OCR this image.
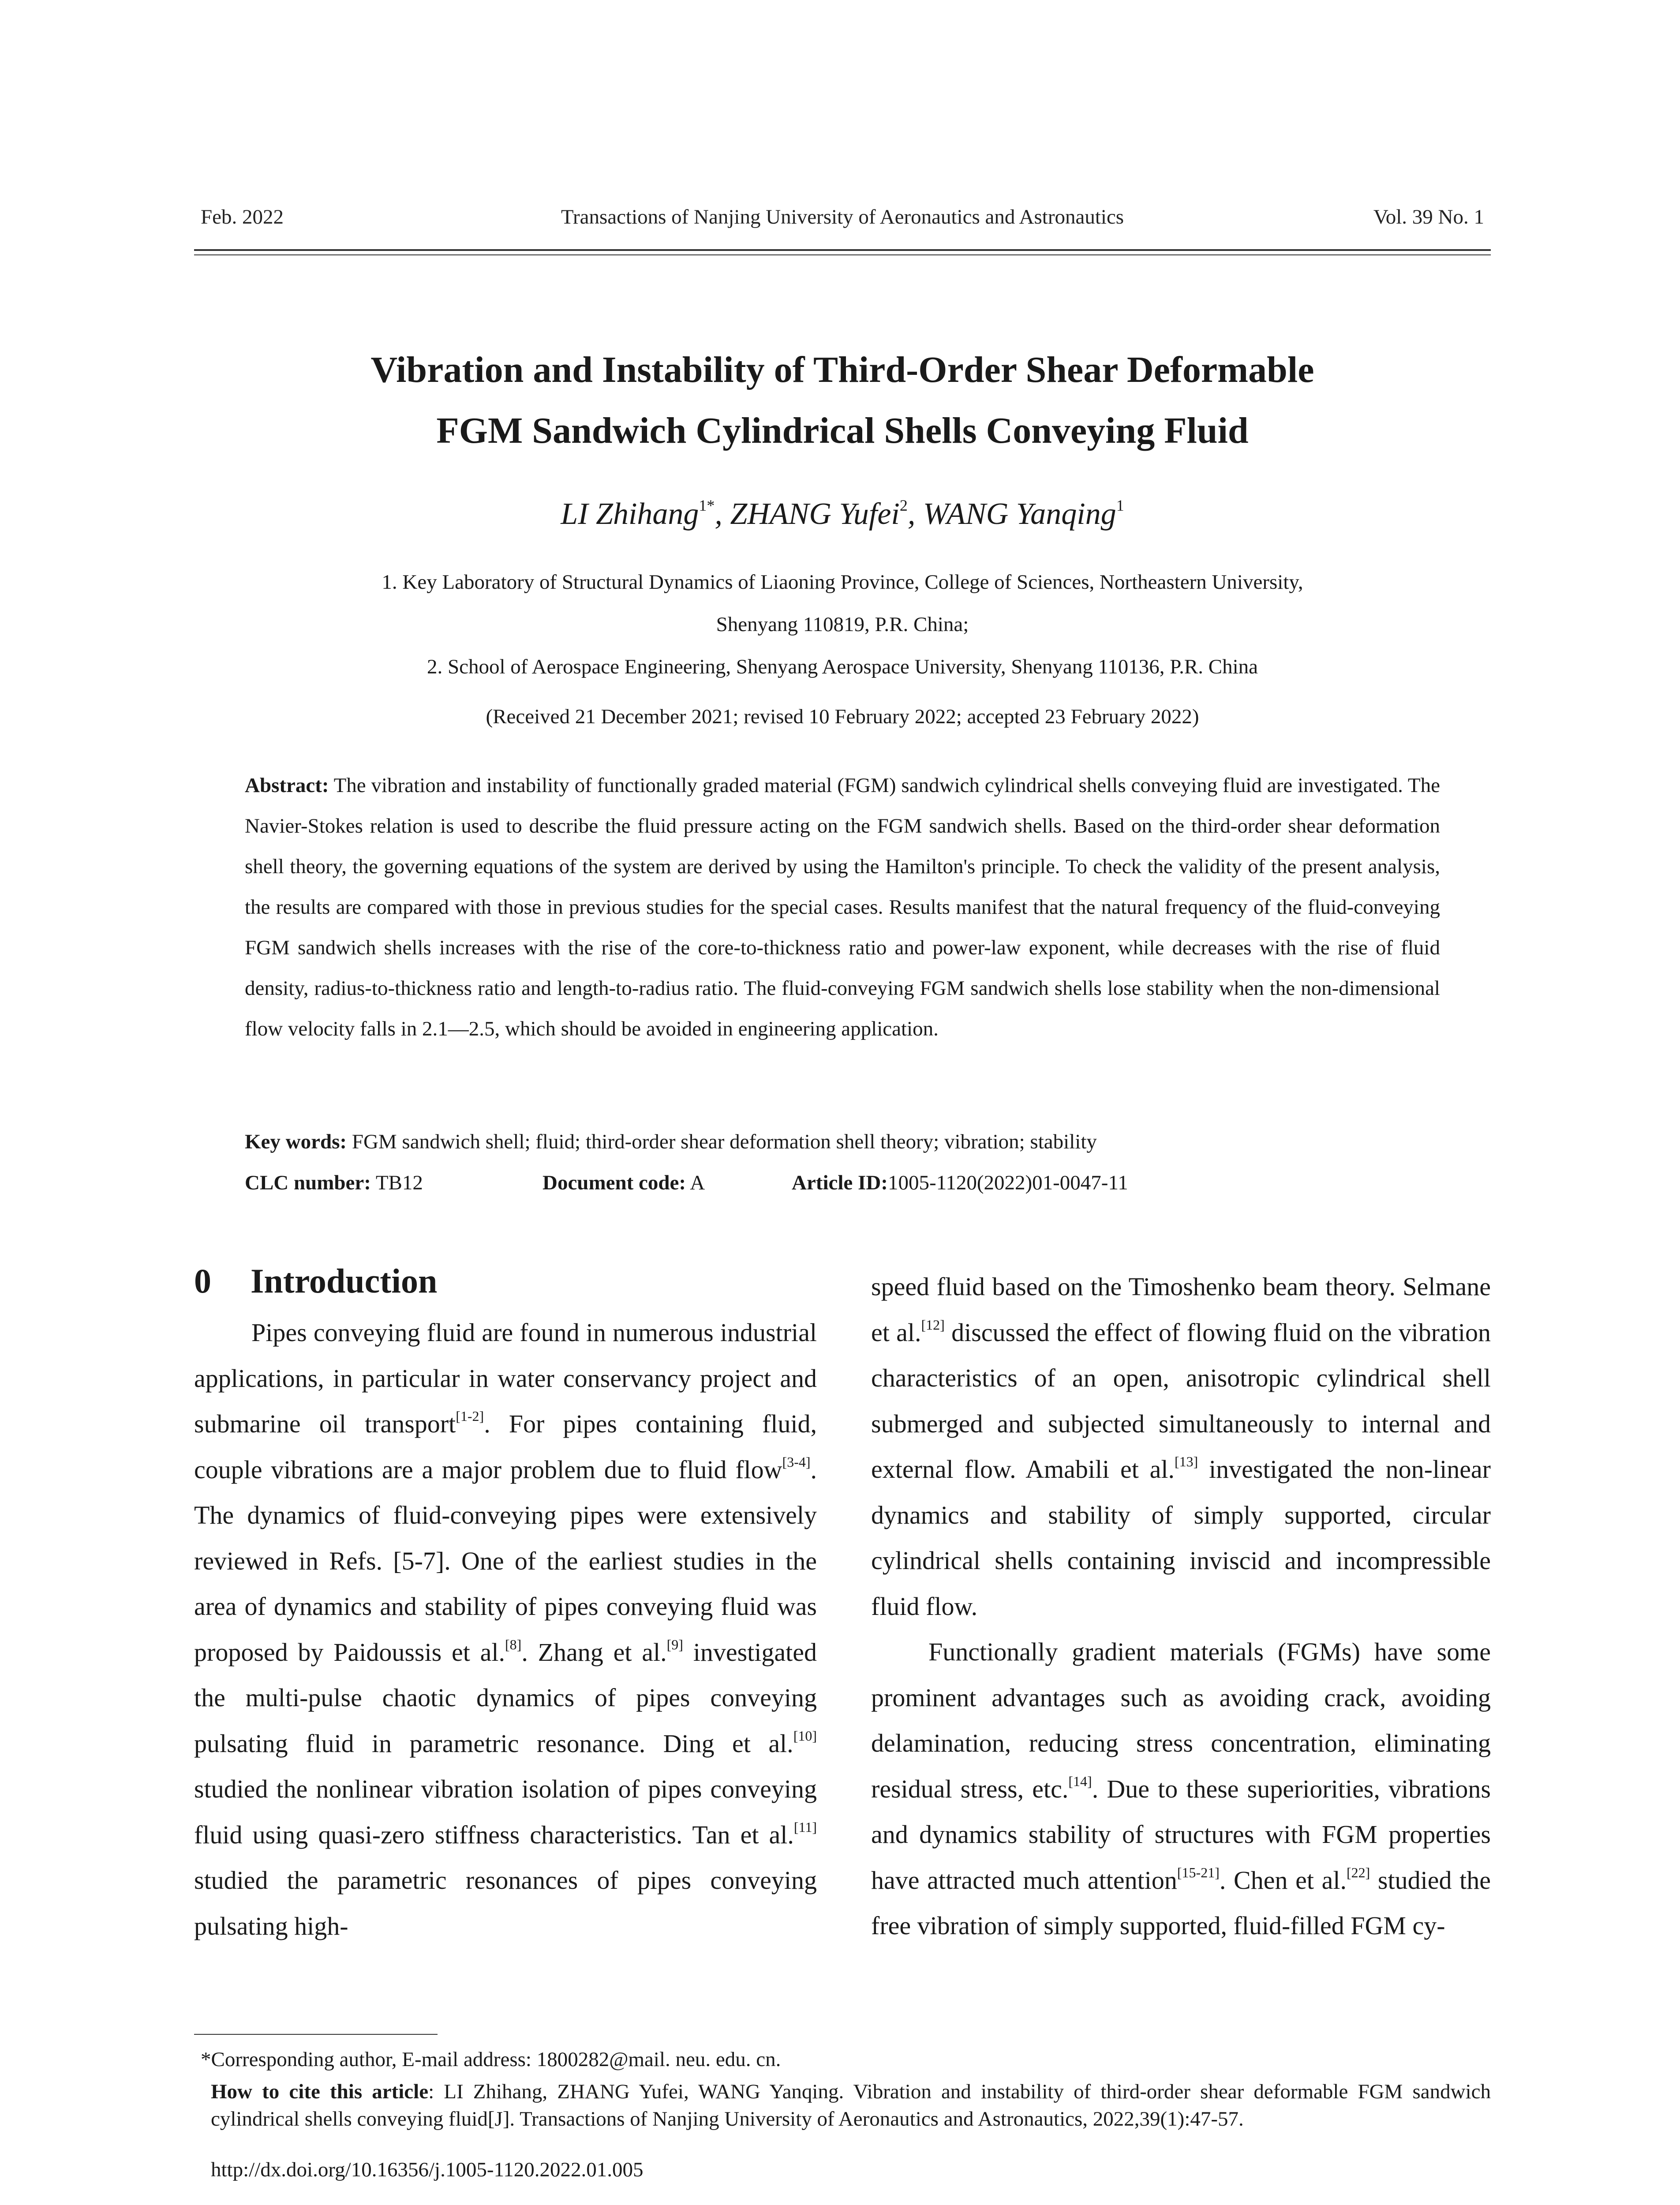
Feb. 2022	Transactions of Nanjing University of Aeronautics and Astronautics	Vol. 39 No. 1
Vibration and Instability of Third-Order Shear Deformable
FGM Sandwich Cylindrical Shells Conveying Fluid
LI Zhihang$^{1*}$, ZHANG Yufei$^2$, WANG Yanqing$^1$
1. Key Laboratory of Structural Dynamics of Liaoning Province, College of Sciences, Northeastern University,
Shenyang 110819, P.R. China;
2. School of Aerospace Engineering, Shenyang Aerospace University, Shenyang 110136, P.R. China
(Received 21 December 2021; revised 10 February 2022; accepted 23 February 2022)
Abstract: The vibration and instability of functionally graded material (FGM) sandwich cylindrical shells conveying fluid are investigated. The Navier-Stokes relation is used to describe the fluid pressure acting on the FGM sandwich shells. Based on the third-order shear deformation shell theory, the governing equations of the system are derived by using the Hamilton's principle. To check the validity of the present analysis, the results are compared with those in previous studies for the special cases. Results manifest that the natural frequency of the fluid-conveying FGM sandwich shells increases with the rise of the core-to-thickness ratio and power-law exponent, while decreases with the rise of fluid density, radius-to-thickness ratio and length-to-radius ratio. The fluid-conveying FGM sandwich shells lose stability when the non-dimensional flow velocity falls in 2.1—2.5, which should be avoided in engineering application.
Key words: FGM sandwich shell; fluid; third-order shear deformation shell theory; vibration; stability
CLC number: TB12	Document code: A	Article ID:1005-1120(2022)01-0047-11
0 Introduction

Pipes conveying fluid are found in numerous industrial applications, in particular in water conservancy project and submarine oil transport[1-2]. For pipes containing fluid, couple vibrations are a major problem due to fluid flow[3-4]. The dynamics of fluid-conveying pipes were extensively reviewed in Refs. [5-7]. One of the earliest studies in the area of dynamics and stability of pipes conveying fluid was proposed by Paidoussis et al.[8]. Zhang et al.[9] investigated the multi-pulse chaotic dynamics of pipes conveying pulsating fluid in parametric resonance. Ding et al.[10] studied the nonlinear vibration isolation of pipes conveying fluid using quasi-zero stiffness characteristics. Tan et al.[11] studied the parametric resonances of pipes conveying pulsating high-

speed fluid based on the Timoshenko beam theory. Selmane et al.[12] discussed the effect of flowing fluid on the vibration characteristics of an open, anisotropic cylindrical shell submerged and subjected simultaneously to internal and external flow. Amabili et al.[13] investigated the non-linear dynamics and stability of simply supported, circular cylindrical shells containing inviscid and incompressible fluid flow.

Functionally gradient materials (FGMs) have some prominent advantages such as avoiding crack, avoiding delamination, reducing stress concentration, eliminating residual stress, etc.[14]. Due to these superiorities, vibrations and dynamics stability of structures with FGM properties have attracted much attention[15-21]. Chen et al.[22] studied the free vibration of simply supported, fluid-filled FGM cy-

*Corresponding author, E-mail address: 1800282@mail. neu. edu. cn.
How to cite this article: LI Zhihang, ZHANG Yufei, WANG Yanqing. Vibration and instability of third-order shear deformable FGM sandwich cylindrical shells conveying fluid[J]. Transactions of Nanjing University of Aeronautics and Astronautics, 2022,39(1):47-57.
http://dx.doi.org/10.16356/j.1005-1120.2022.01.005
